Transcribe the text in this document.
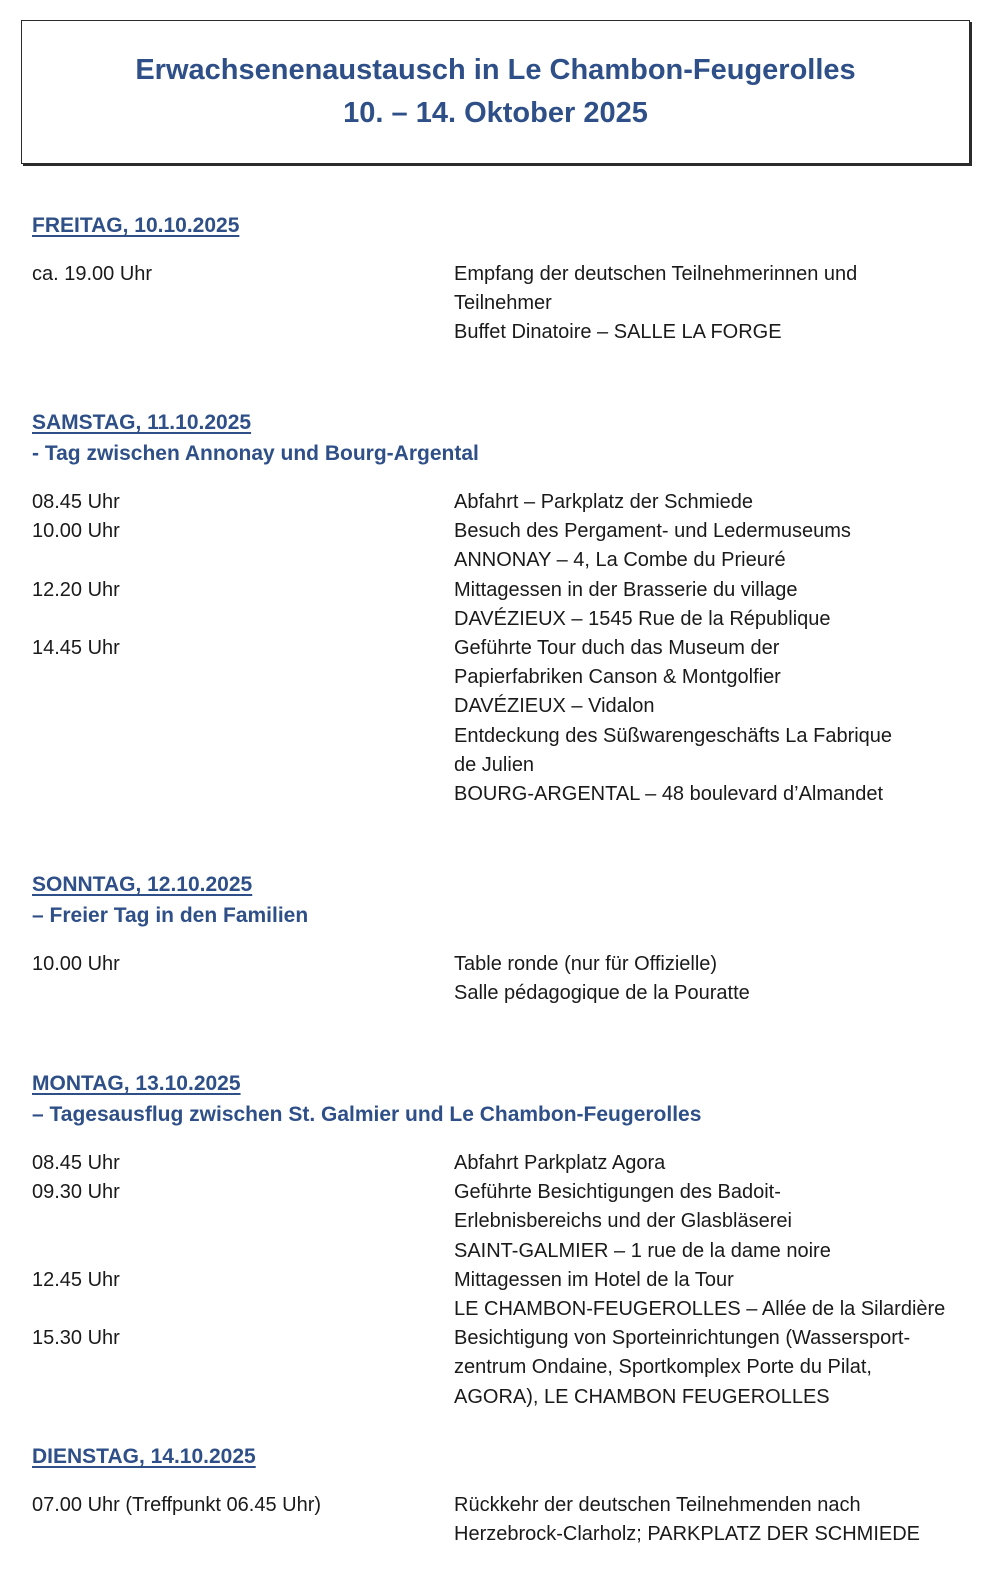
Erwachsenenaustausch in Le Chambon-Feugerolles
10. – 14. Oktober 2025
FREITAG, 10.10.2025
ca. 19.00 Uhr	Empfang der deutschen Teilnehmerinnen und
Teilnehmer
Buffet Dinatoire – SALLE LA FORGE
SAMSTAG, 11.10.2025
- Tag zwischen Annonay und Bourg-Argental
08.45 Uhr	Abfahrt – Parkplatz der Schmiede
10.00 Uhr	Besuch des Pergament- und Ledermuseums
ANNONAY – 4, La Combe du Prieuré
12.20 Uhr	Mittagessen in der Brasserie du village
DAVÉZIEUX – 1545 Rue de la République
14.45 Uhr	Geführte Tour duch das Museum der
Papierfabriken Canson & Montgolfier
DAVÉZIEUX – Vidalon
Entdeckung des Süßwarengeschäfts La Fabrique
de Julien
BOURG-ARGENTAL – 48 boulevard d’Almandet
SONNTAG, 12.10.2025
– Freier Tag in den Familien
10.00 Uhr	Table ronde (nur für Offizielle)
Salle pédagogique de la Pouratte
MONTAG, 13.10.2025
– Tagesausflug zwischen St. Galmier und Le Chambon-Feugerolles
08.45 Uhr	Abfahrt Parkplatz Agora
09.30 Uhr	Geführte Besichtigungen des Badoit-
Erlebnisbereichs und der Glasbläserei
SAINT-GALMIER – 1 rue de la dame noire
12.45 Uhr	Mittagessen im Hotel de la Tour
LE CHAMBON-FEUGEROLLES – Allée de la Silardière
15.30 Uhr	Besichtigung von Sporteinrichtungen (Wassersport-
zentrum Ondaine, Sportkomplex Porte du Pilat,
AGORA), LE CHAMBON FEUGEROLLES
DIENSTAG, 14.10.2025
07.00 Uhr (Treffpunkt 06.45 Uhr)	Rückkehr der deutschen Teilnehmenden nach
Herzebrock-Clarholz; PARKPLATZ DER SCHMIEDE
